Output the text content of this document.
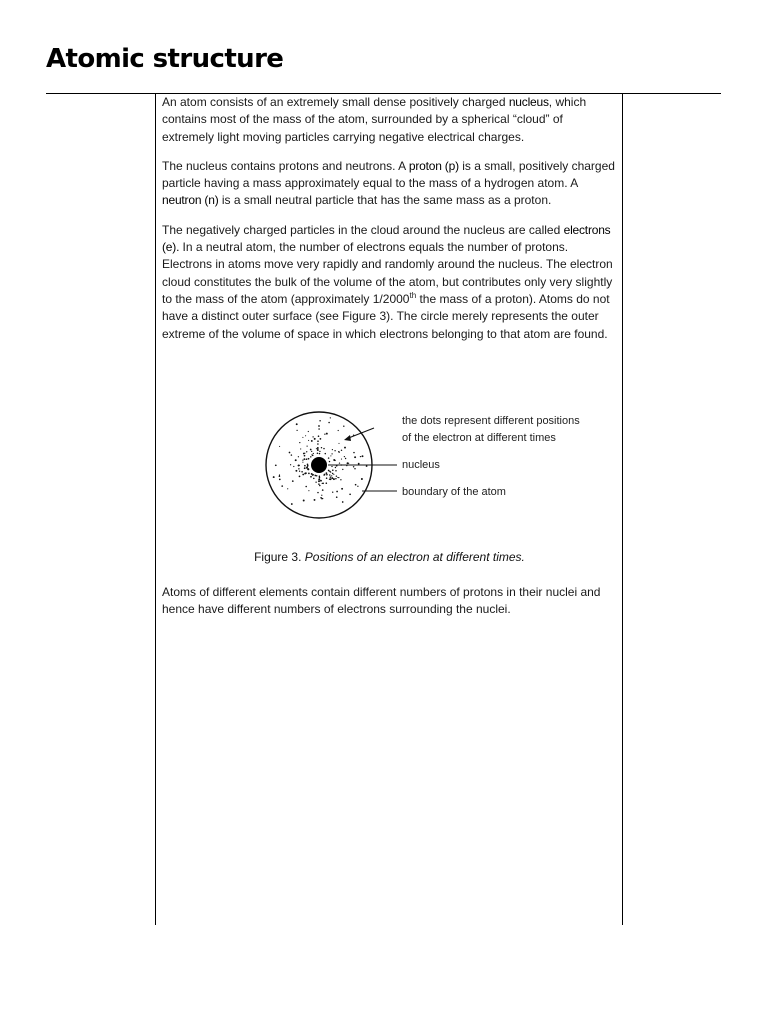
Atomic structure

An atom consists of an extremely small dense positively charged nucleus, which contains most of the mass of the atom, surrounded by a spherical “cloud” of extremely light moving particles carrying negative electrical charges.

The nucleus contains protons and neutrons. A proton (p) is a small, positively charged particle having a mass approximately equal to the mass of a hydrogen atom. A neutron (n) is a small neutral particle that has the same mass as a proton.

The negatively charged particles in the cloud around the nucleus are called electrons (e). In a neutral atom, the number of electrons equals the number of protons. Electrons in atoms move very rapidly and randomly around the nucleus. The electron cloud constitutes the bulk of the volume of the atom, but contributes only very slightly to the mass of the atom (approximately 1/2000th the mass of a proton). Atoms do not have a distinct outer surface (see Figure 3). The circle merely represents the outer extreme of the volume of space in which electrons belonging to that atom are found.

the dots represent different positions
of the electron at different times
nucleus
boundary of the atom

Figure 3. Positions of an electron at different times.

Atoms of different elements contain different numbers of protons in their nuclei and hence have different numbers of electrons surrounding the nuclei.
